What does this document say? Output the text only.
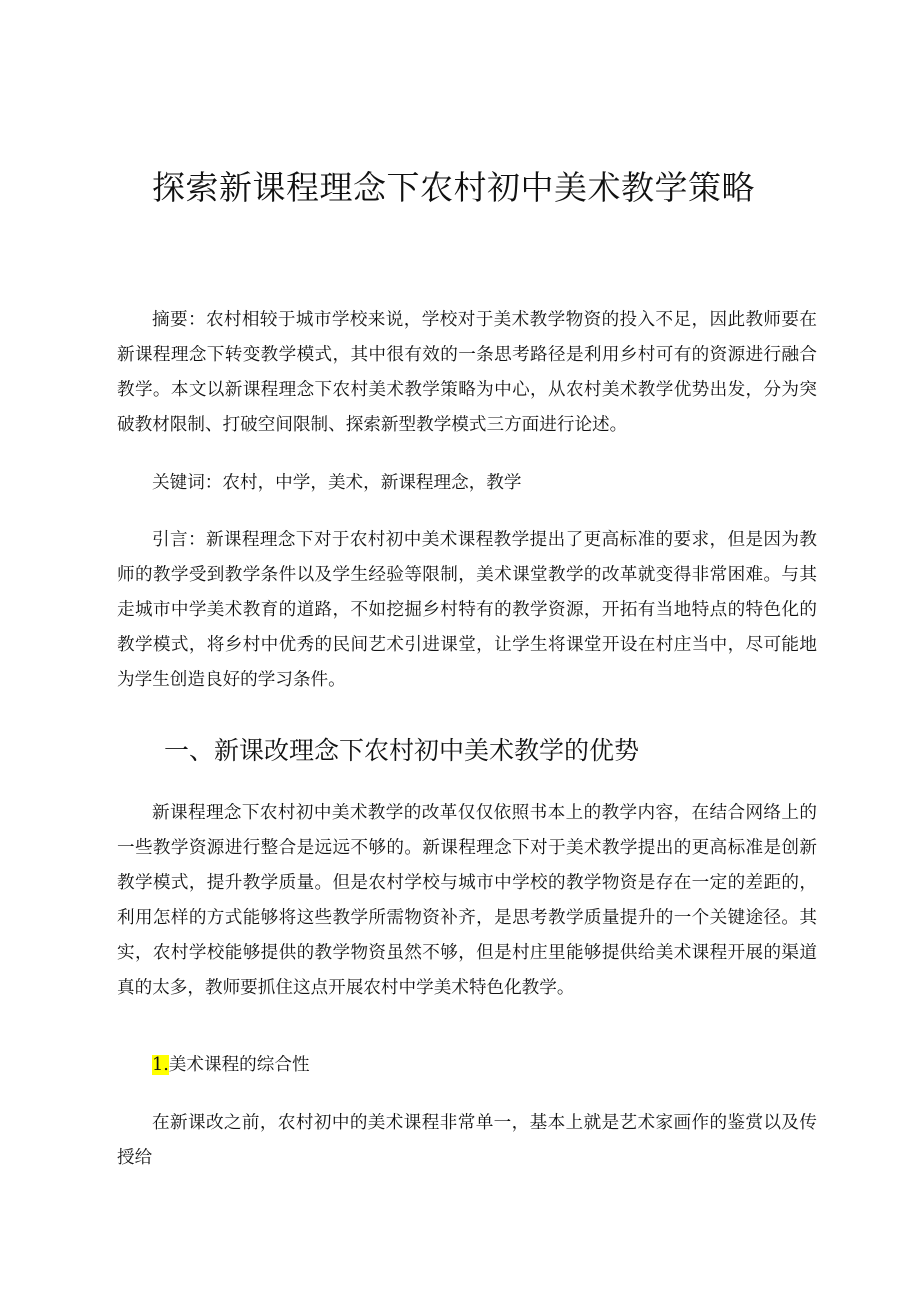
探索新课程理念下农村初中美术教学策略

摘要：农村相较于城市学校来说，学校对于美术教学物资的投入不足，因此教师要在新课程理念下转变教学模式，其中很有效的一条思考路径是利用乡村可有的资源进行融合教学。本文以新课程理念下农村美术教学策略为中心，从农村美术教学优势出发，分为突破教材限制、打破空间限制、探索新型教学模式三方面进行论述。

关键词：农村，中学，美术，新课程理念，教学

引言：新课程理念下对于农村初中美术课程教学提出了更高标准的要求，但是因为教师的教学受到教学条件以及学生经验等限制，美术课堂教学的改革就变得非常困难。与其走城市中学美术教育的道路，不如挖掘乡村特有的教学资源，开拓有当地特点的特色化的教学模式，将乡村中优秀的民间艺术引进课堂，让学生将课堂开设在村庄当中，尽可能地为学生创造良好的学习条件。

一、新课改理念下农村初中美术教学的优势

新课程理念下农村初中美术教学的改革仅仅依照书本上的教学内容，在结合网络上的一些教学资源进行整合是远远不够的。新课程理念下对于美术教学提出的更高标准是创新教学模式，提升教学质量。但是农村学校与城市中学校的教学物资是存在一定的差距的，利用怎样的方式能够将这些教学所需物资补齐，是思考教学质量提升的一个关键途径。其实，农村学校能够提供的教学物资虽然不够，但是村庄里能够提供给美术课程开展的渠道真的太多，教师要抓住这点开展农村中学美术特色化教学。

1.美术课程的综合性

在新课改之前，农村初中的美术课程非常单一，基本上就是艺术家画作的鉴赏以及传授给
